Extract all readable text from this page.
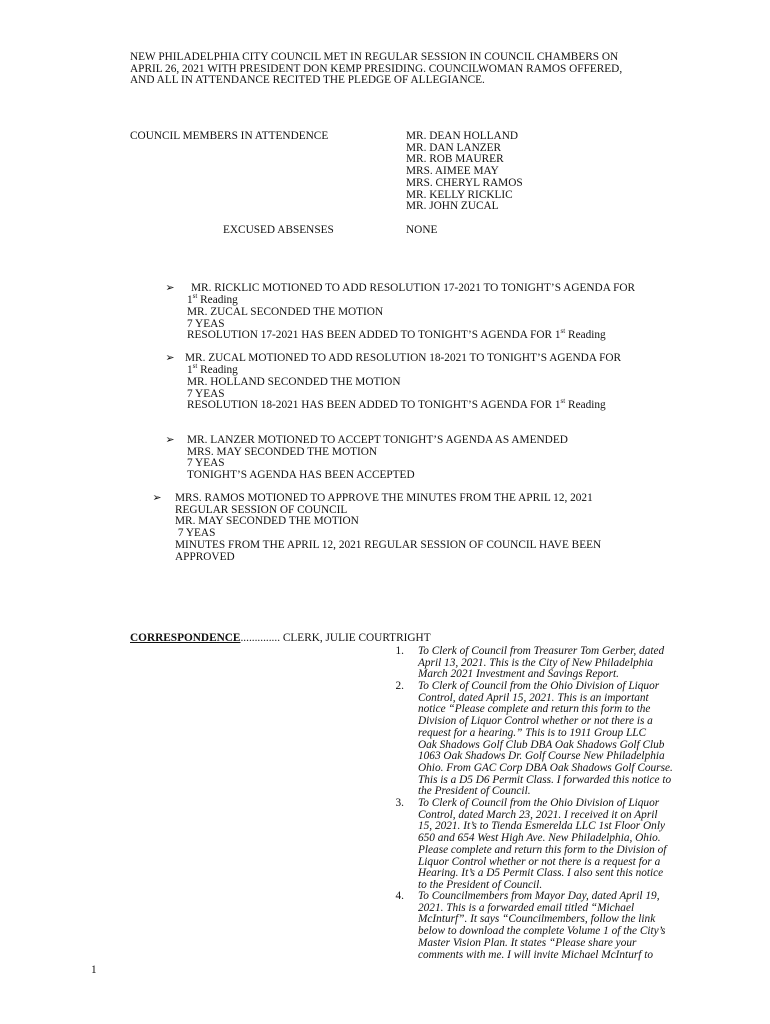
NEW PHILADELPHIA CITY COUNCIL MET IN REGULAR SESSION IN COUNCIL CHAMBERS ON
APRIL 26, 2021 WITH PRESIDENT DON KEMP PRESIDING. COUNCILWOMAN RAMOS OFFERED,
AND ALL IN ATTENDANCE RECITED THE PLEDGE OF ALLEGIANCE.
COUNCIL MEMBERS IN ATTENDENCE	MR. DEAN HOLLAND
MR. DAN LANZER
MR. ROB MAURER
MRS. AIMEE MAY
MRS. CHERYL RAMOS
MR. KELLY RICKLIC
MR. JOHN ZUCAL
EXCUSED ABSENSES	NONE
➢ MR. RICKLIC MOTIONED TO ADD RESOLUTION 17-2021 TO TONIGHT’S AGENDA FOR
1st Reading
MR. ZUCAL SECONDED THE MOTION
7 YEAS
RESOLUTION 17-2021 HAS BEEN ADDED TO TONIGHT’S AGENDA FOR 1st Reading
➢ MR. ZUCAL MOTIONED TO ADD RESOLUTION 18-2021 TO TONIGHT’S AGENDA FOR
1st Reading
MR. HOLLAND SECONDED THE MOTION
7 YEAS
RESOLUTION 18-2021 HAS BEEN ADDED TO TONIGHT’S AGENDA FOR 1st Reading
➢ MR. LANZER MOTIONED TO ACCEPT TONIGHT’S AGENDA AS AMENDED
MRS. MAY SECONDED THE MOTION
7 YEAS
TONIGHT’S AGENDA HAS BEEN ACCEPTED
➢ MRS. RAMOS MOTIONED TO APPROVE THE MINUTES FROM THE APRIL 12, 2021
REGULAR SESSION OF COUNCIL
MR. MAY SECONDED THE MOTION
7 YEAS
MINUTES FROM THE APRIL 12, 2021 REGULAR SESSION OF COUNCIL HAVE BEEN
APPROVED
CORRESPONDENCE.............. CLERK, JULIE COURTRIGHT
1. To Clerk of Council from Treasurer Tom Gerber, dated
April 13, 2021. This is the City of New Philadelphia
March 2021 Investment and Savings Report.
2. To Clerk of Council from the Ohio Division of Liquor
Control, dated April 15, 2021. This is an important
notice “Please complete and return this form to the
Division of Liquor Control whether or not there is a
request for a hearing.” This is to 1911 Group LLC
Oak Shadows Golf Club DBA Oak Shadows Golf Club
1063 Oak Shadows Dr. Golf Course New Philadelphia
Ohio. From GAC Corp DBA Oak Shadows Golf Course.
This is a D5 D6 Permit Class. I forwarded this notice to
the President of Council.
3. To Clerk of Council from the Ohio Division of Liquor
Control, dated March 23, 2021. I received it on April
15, 2021. It’s to Tienda Esmerelda LLC 1st Floor Only
650 and 654 West High Ave. New Philadelphia, Ohio.
Please complete and return this form to the Division of
Liquor Control whether or not there is a request for a
Hearing. It’s a D5 Permit Class. I also sent this notice
to the President of Council.
4. To Councilmembers from Mayor Day, dated April 19,
2021. This is a forwarded email titled “Michael
McInturf”. It says “Councilmembers, follow the link
below to download the complete Volume 1 of the City’s
Master Vision Plan. It states “Please share your
comments with me. I will invite Michael McInturf to
1
